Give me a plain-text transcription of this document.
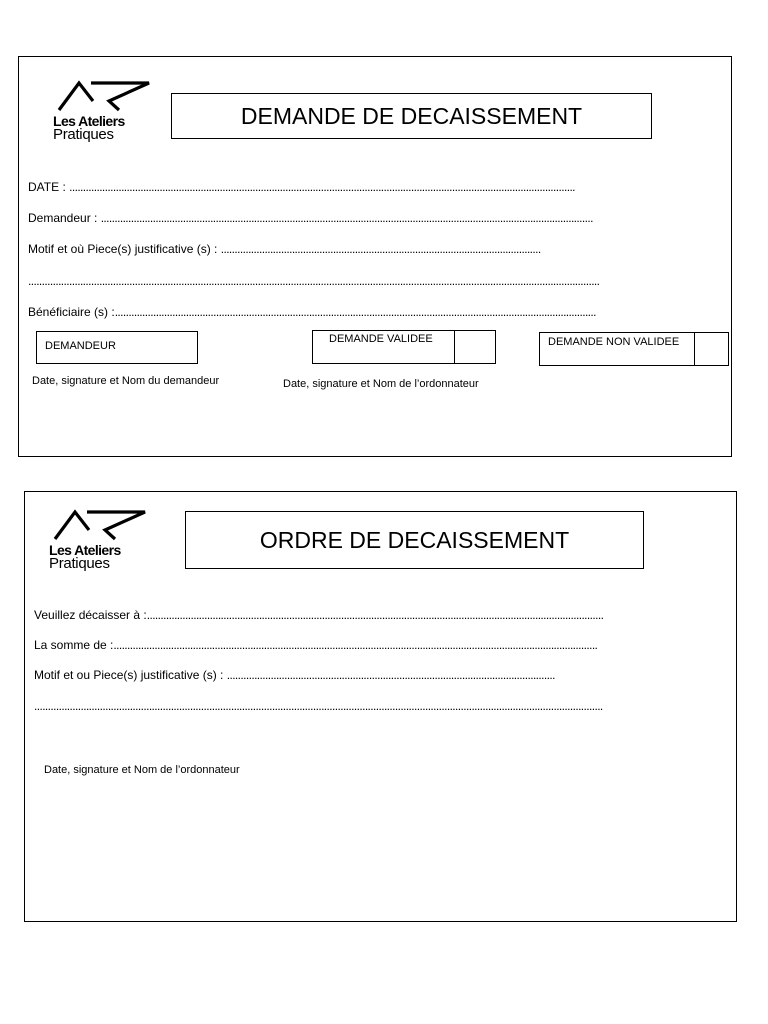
Les Ateliers
Pratiques
DEMANDE DE DECAISSEMENT
DATE : .........................................................................................................................................................................................
Demandeur : ....................................................................................................................................................................................
Motif et où Piece(s) justificative (s) : .....................................................................................................................
.................................................................................................................................................................................................................
Bénéficiaire (s) :................................................................................................................................................................................
DEMANDEUR
DEMANDE VALIDEE	DEMANDE NON VALIDEE
Date, signature et Nom du demandeur	Date, signature et Nom de l’ordonnateur
Les Ateliers
Pratiques
ORDRE DE DECAISSEMENT
Veuillez décaisser à :.......................................................................................................................................................................
La somme de :.................................................................................................................................................................................
Motif et ou Piece(s) justificative (s) : ........................................................................................................................
................................................................................................................................................................................................................
Date, signature et Nom de l’ordonnateur
